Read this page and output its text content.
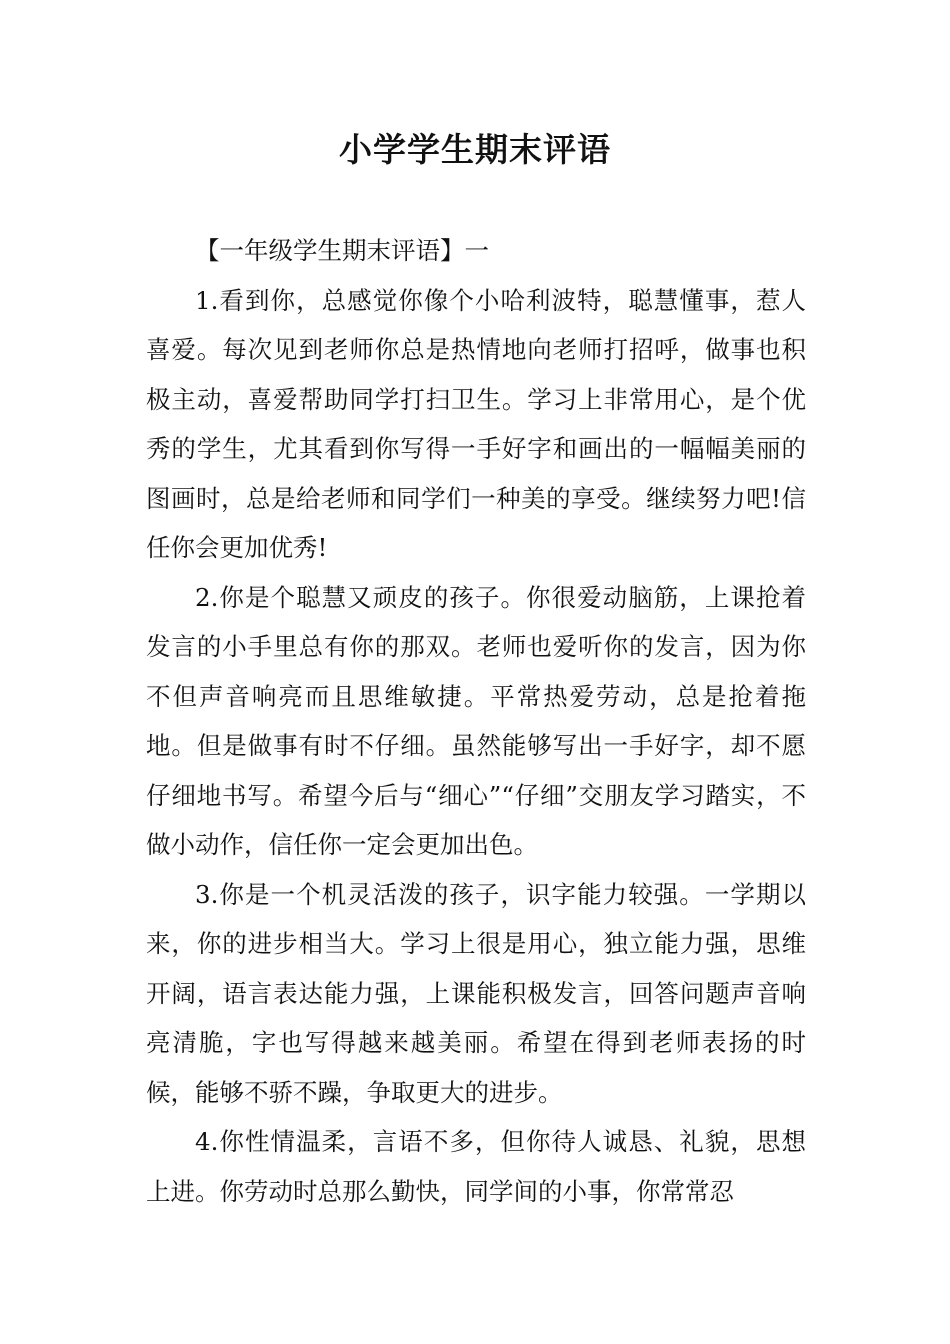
小学学生期末评语

【一年级学生期末评语】一

1.看到你，总感觉你像个小哈利波特，聪慧懂事，惹人喜爱。每次见到老师你总是热情地向老师打招呼，做事也积极主动，喜爱帮助同学打扫卫生。学习上非常用心，是个优秀的学生，尤其看到你写得一手好字和画出的一幅幅美丽的图画时，总是给老师和同学们一种美的享受。继续努力吧!信任你会更加优秀!

2.你是个聪慧又顽皮的孩子。你很爱动脑筋，上课抢着发言的小手里总有你的那双。老师也爱听你的发言，因为你不但声音响亮而且思维敏捷。平常热爱劳动，总是抢着拖地。但是做事有时不仔细。虽然能够写出一手好字，却不愿仔细地书写。希望今后与“细心”“仔细”交朋友学习踏实，不做小动作，信任你一定会更加出色。

3.你是一个机灵活泼的孩子，识字能力较强。一学期以来，你的进步相当大。学习上很是用心，独立能力强，思维开阔，语言表达能力强，上课能积极发言，回答问题声音响亮清脆，字也写得越来越美丽。希望在得到老师表扬的时候，能够不骄不躁，争取更大的进步。

4.你性情温柔，言语不多，但你待人诚恳、礼貌，思想上进。你劳动时总那么勤快，同学间的小事，你常常忍
